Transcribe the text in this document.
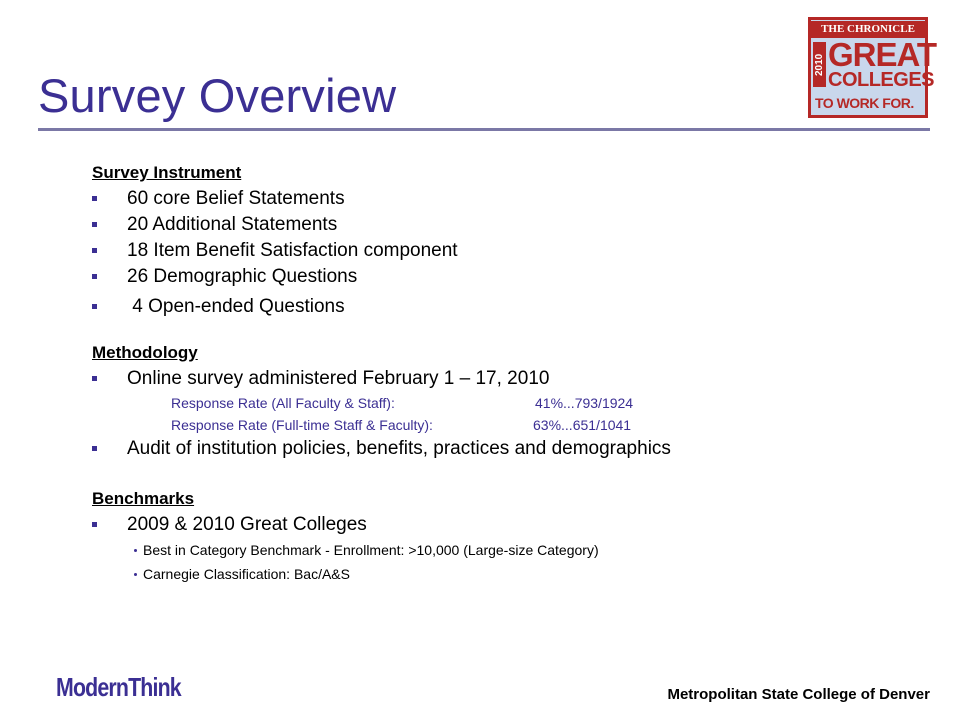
Survey Overview
THE CHRONICLE
2010 GREAT
COLLEGES
TO WORK FOR.
Survey Instrument
60 core Belief Statements
20 Additional Statements
18 Item Benefit Satisfaction component
26 Demographic Questions
4 Open-ended Questions
Methodology
Online survey administered February 1 – 17, 2010
Response Rate (All Faculty & Staff):	41%...793/1924
Response Rate (Full-time Staff & Faculty):	63%...651/1041
Audit of institution policies, benefits, practices and demographics
Benchmarks
2009 & 2010 Great Colleges
Best in Category Benchmark - Enrollment: >10,000 (Large-size Category)
Carnegie Classification: Bac/A&S
ModernThink	Metropolitan State College of Denver
